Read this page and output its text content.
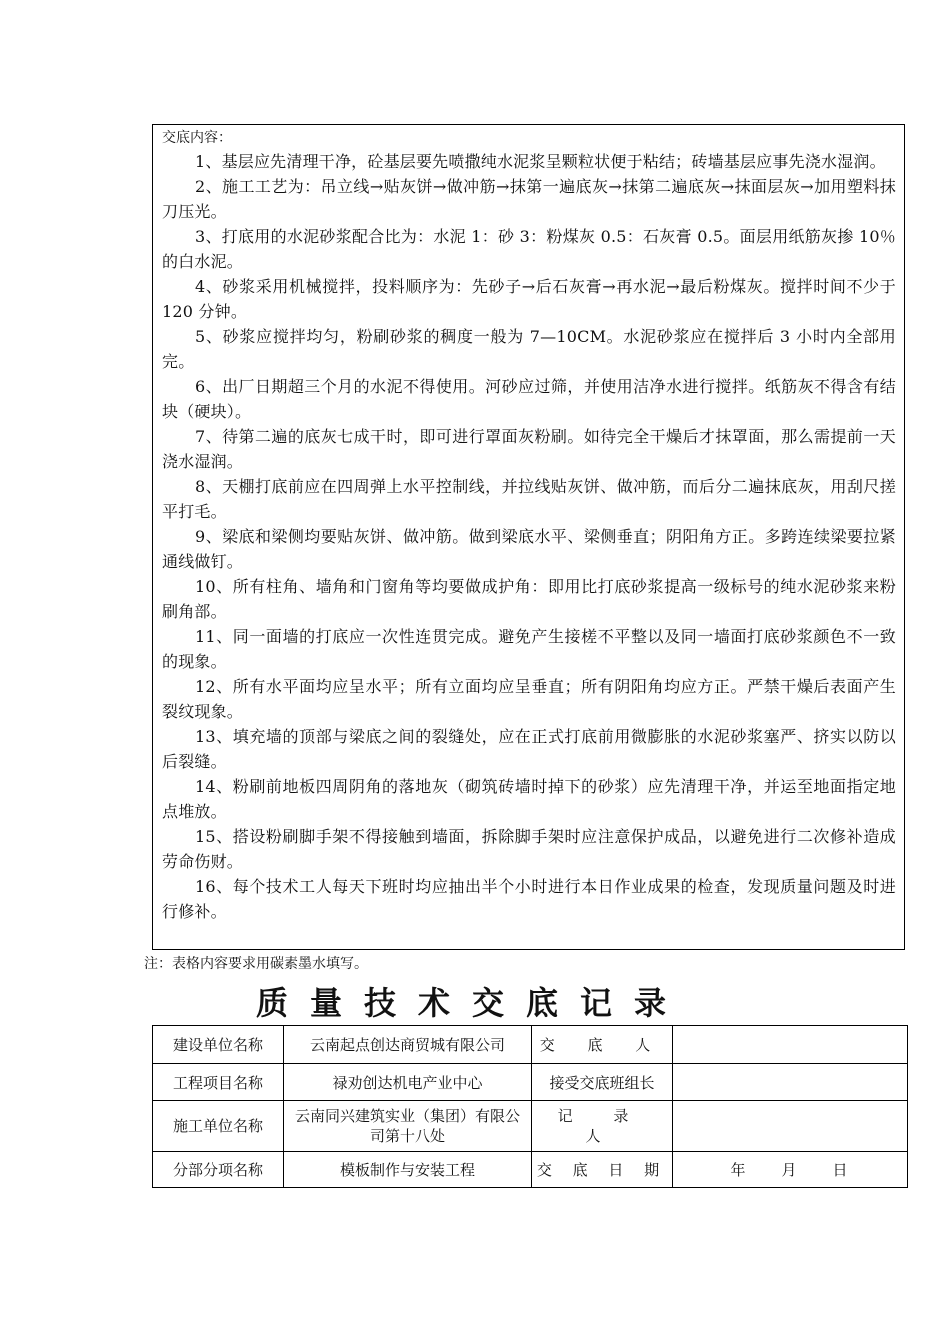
交底内容：

1、基层应先清理干净，砼基层要先喷撒纯水泥浆呈颗粒状便于粘结；砖墙基层应事先浇水湿润。

2、施工工艺为：吊立线→贴灰饼→做冲筋→抹第一遍底灰→抹第二遍底灰→抹面层灰→加用塑料抹刀压光。

3、打底用的水泥砂浆配合比为：水泥 1：砂 3：粉煤灰 0.5：石灰膏 0.5。面层用纸筋灰掺 10％的白水泥。

4、砂浆采用机械搅拌，投料顺序为：先砂子→后石灰膏→再水泥→最后粉煤灰。搅拌时间不少于 120 分钟。

5、砂浆应搅拌均匀，粉刷砂浆的稠度一般为 7—10CM。水泥砂浆应在搅拌后 3 小时内全部用完。

6、出厂日期超三个月的水泥不得使用。河砂应过筛，并使用洁净水进行搅拌。纸筋灰不得含有结块（硬块）。

7、待第二遍的底灰七成干时，即可进行罩面灰粉刷。如待完全干燥后才抹罩面，那么需提前一天浇水湿润。

8、天棚打底前应在四周弹上水平控制线，并拉线贴灰饼、做冲筋，而后分二遍抹底灰，用刮尺搓平打毛。

9、梁底和梁侧均要贴灰饼、做冲筋。做到梁底水平、梁侧垂直；阴阳角方正。多跨连续梁要拉紧通线做钉。

10、所有柱角、墙角和门窗角等均要做成护角：即用比打底砂浆提高一级标号的纯水泥砂浆来粉刷角部。

11、同一面墙的打底应一次性连贯完成。避免产生接槎不平整以及同一墙面打底砂浆颜色不一致的现象。

12、所有水平面均应呈水平；所有立面均应呈垂直；所有阴阳角均应方正。严禁干燥后表面产生裂纹现象。

13、填充墙的顶部与梁底之间的裂缝处，应在正式打底前用微膨胀的水泥砂浆塞严、挤实以防以后裂缝。

14、粉刷前地板四周阴角的落地灰（砌筑砖墙时掉下的砂浆）应先清理干净，并运至地面指定地点堆放。

15、搭设粉刷脚手架不得接触到墙面，拆除脚手架时应注意保护成品，以避免进行二次修补造成劳命伤财。

16、每个技术工人每天下班时均应抽出半个小时进行本日作业成果的检查，发现质量问题及时进行修补。

注：表格内容要求用碳素墨水填写。
质量技术交底记录
建设单位名称	云南起点创达商贸城有限公司	交 底 人	
工程项目名称	禄劝创达机电产业中心	接受交底班组长	
施工单位名称	云南同兴建筑实业（集团）有限公司第十八处	记 录 人	
分部分项名称	模板制作与安装工程	交 底 日 期	年　　月　　日
